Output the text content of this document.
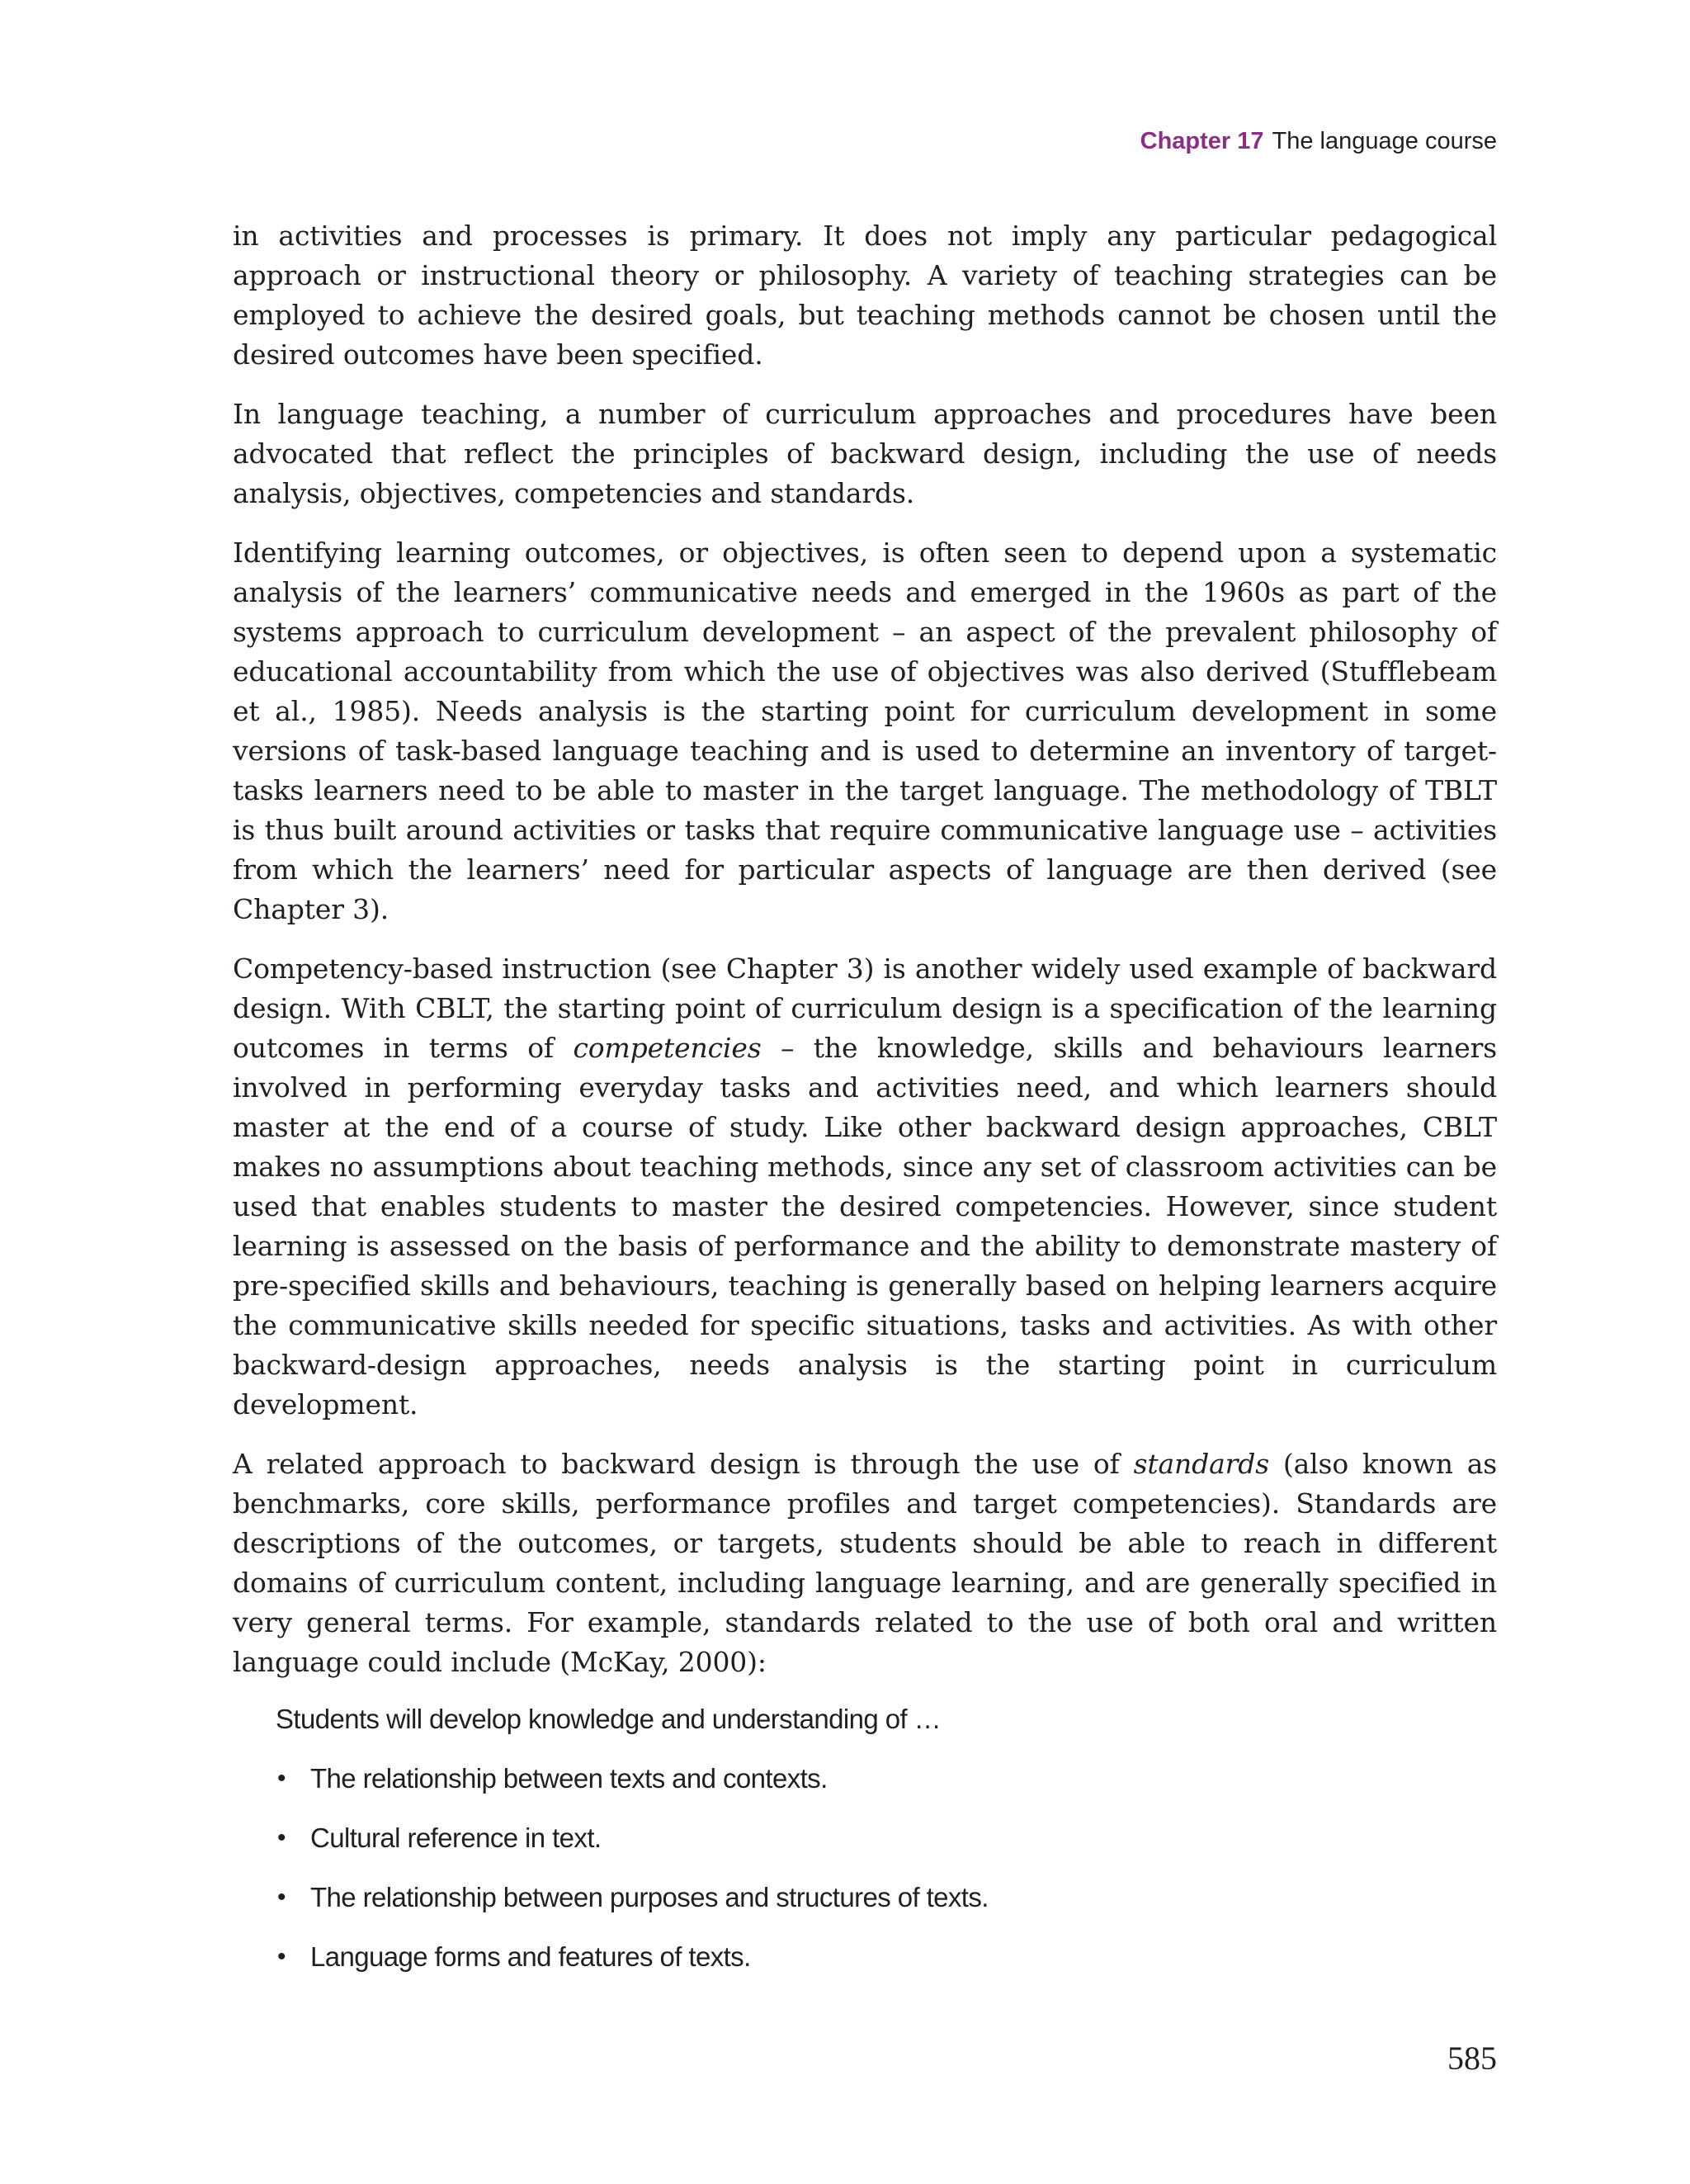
Chapter 17 The language course

in activities and processes is primary. It does not imply any particular pedagogical approach or instructional theory or philosophy. A variety of teaching strategies can be employed to achieve the desired goals, but teaching methods cannot be chosen until the desired outcomes have been specified.

In language teaching, a number of curriculum approaches and procedures have been advocated that reflect the principles of backward design, including the use of needs analysis, objectives, competencies and standards.

Identifying learning outcomes, or objectives, is often seen to depend upon a systematic analysis of the learners’ communicative needs and emerged in the 1960s as part of the systems approach to curriculum development – an aspect of the prevalent philosophy of educational accountability from which the use of objectives was also derived (Stufflebeam et al., 1985). Needs analysis is the starting point for curriculum development in some versions of task-based language teaching and is used to determine an inventory of target-tasks learners need to be able to master in the target language. The methodology of TBLT is thus built around activities or tasks that require communicative language use – activities from which the learners’ need for particular aspects of language are then derived (see Chapter 3).

Competency-based instruction (see Chapter 3) is another widely used example of backward design. With CBLT, the starting point of curriculum design is a specification of the learning outcomes in terms of competencies – the knowledge, skills and behaviours learners involved in performing everyday tasks and activities need, and which learners should master at the end of a course of study. Like other backward design approaches, CBLT makes no assumptions about teaching methods, since any set of classroom activities can be used that enables students to master the desired competencies. However, since student learning is assessed on the basis of performance and the ability to demonstrate mastery of pre-specified skills and behaviours, teaching is generally based on helping learners acquire the communicative skills needed for specific situations, tasks and activities. As with other backward-design approaches, needs analysis is the starting point in curriculum development.

A related approach to backward design is through the use of standards (also known as benchmarks, core skills, performance profiles and target competencies). Standards are descriptions of the outcomes, or targets, students should be able to reach in different domains of curriculum content, including language learning, and are generally specified in very general terms. For example, standards related to the use of both oral and written language could include (McKay, 2000):

Students will develop knowledge and understanding of …
• The relationship between texts and contexts.
• Cultural reference in text.
• The relationship between purposes and structures of texts.
• Language forms and features of texts.
585
